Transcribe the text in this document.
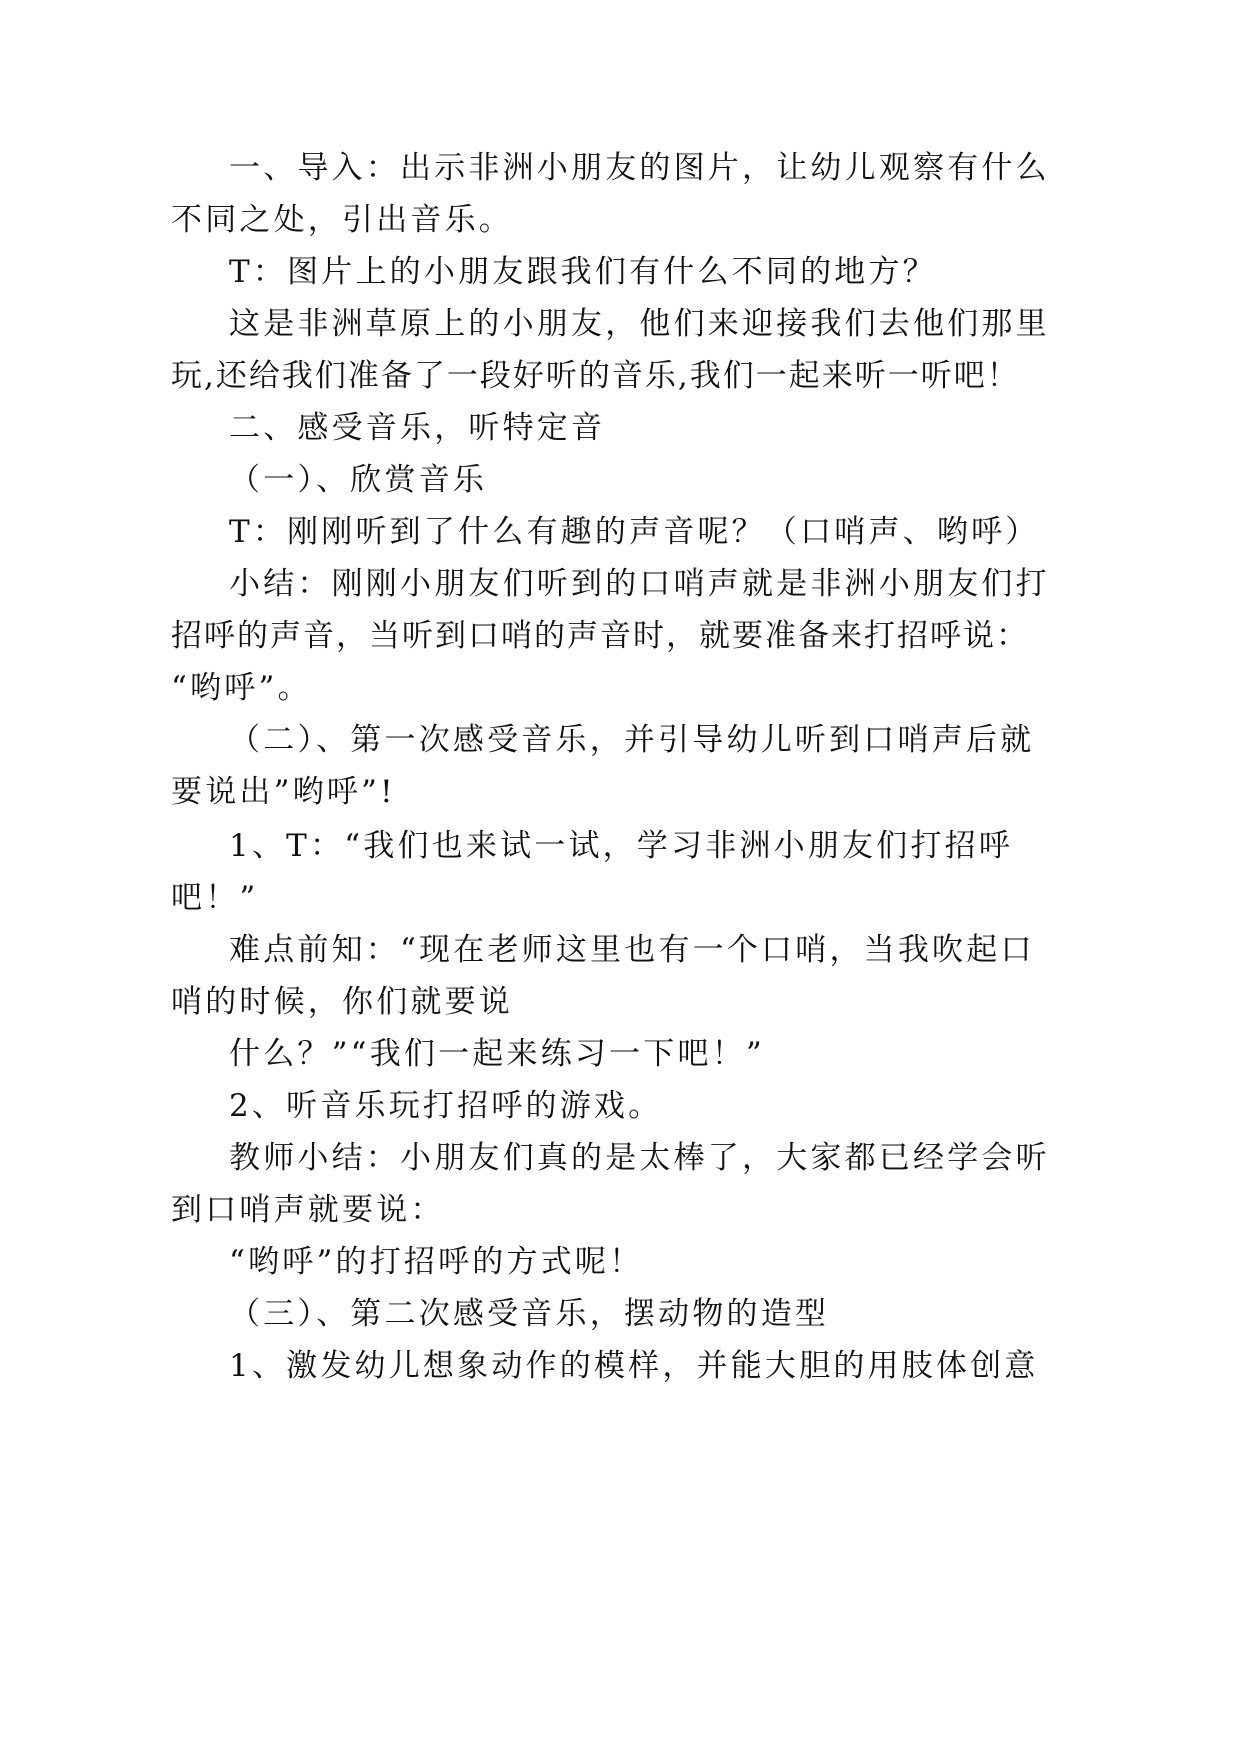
一、导入：出示非洲小朋友的图片，让幼儿观察有什么

不同之处，引出音乐。

T：图片上的小朋友跟我们有什么不同的地方？

这是非洲草原上的小朋友，他们来迎接我们去他们那里

玩,还给我们准备了一段好听的音乐,我们一起来听一听吧！

二、感受音乐，听特定音

（一）、欣赏音乐

T：刚刚听到了什么有趣的声音呢？（口哨声、哟呼）

小结：刚刚小朋友们听到的口哨声就是非洲小朋友们打

招呼的声音，当听到口哨的声音时，就要准备来打招呼说：

“哟呼”。

（二）、第一次感受音乐，并引导幼儿听到口哨声后就

要说出”哟呼”!

1、T：“我们也来试一试，学习非洲小朋友们打招呼

吧！”

难点前知：“现在老师这里也有一个口哨，当我吹起口

哨的时候，你们就要说

什么？”“我们一起来练习一下吧！”

2、听音乐玩打招呼的游戏。

教师小结：小朋友们真的是太棒了，大家都已经学会听

到口哨声就要说：

“哟呼”的打招呼的方式呢！

（三）、第二次感受音乐，摆动物的造型

1、激发幼儿想象动作的模样，并能大胆的用肢体创意
